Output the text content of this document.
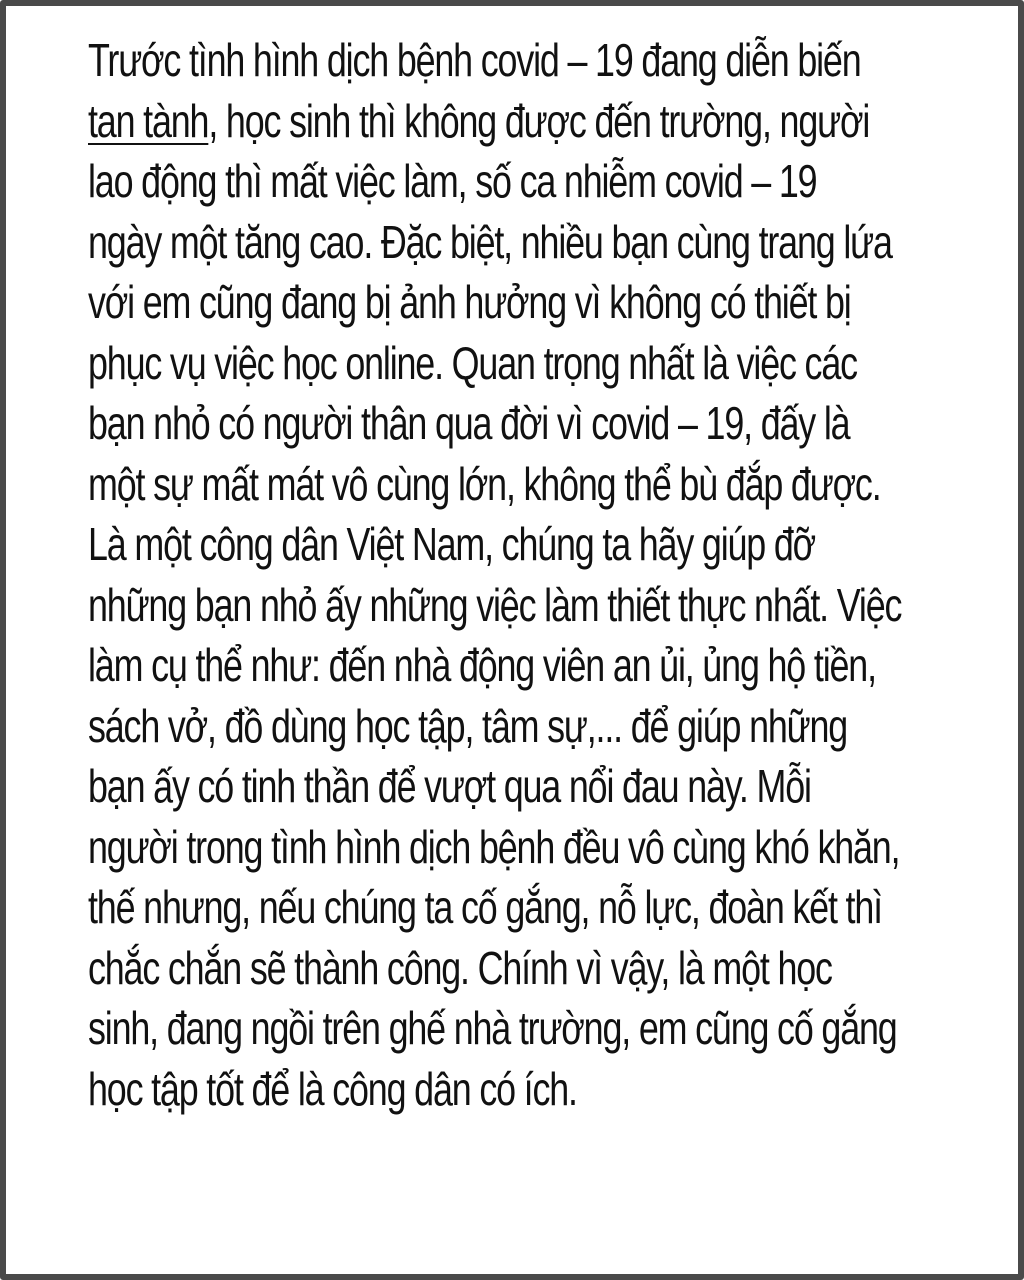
Trước tình hình dịch bệnh covid – 19 đang diễn biến
tan tành, học sinh thì không được đến trường, người
lao động thì mất việc làm, số ca nhiễm covid – 19
ngày một tăng cao. Đặc biệt, nhiều bạn cùng trang lứa
với em cũng đang bị ảnh hưởng vì không có thiết bị
phục vụ việc học online. Quan trọng nhất là việc các
bạn nhỏ có người thân qua đời vì covid – 19, đấy là
một sự mất mát vô cùng lớn, không thể bù đắp được.
Là một công dân Việt Nam, chúng ta hãy giúp đỡ
những bạn nhỏ ấy những việc làm thiết thực nhất. Việc
làm cụ thể như: đến nhà động viên an ủi, ủng hộ tiền,
sách vở, đồ dùng học tập, tâm sự,... để giúp những
bạn ấy có tinh thần để vượt qua nổi đau này. Mỗi
người trong tình hình dịch bệnh đều vô cùng khó khăn,
thế nhưng, nếu chúng ta cố gắng, nỗ lực, đoàn kết thì
chắc chắn sẽ thành công. Chính vì vậy, là một học
sinh, đang ngồi trên ghế nhà trường, em cũng cố gắng
học tập tốt để là công dân có ích.
